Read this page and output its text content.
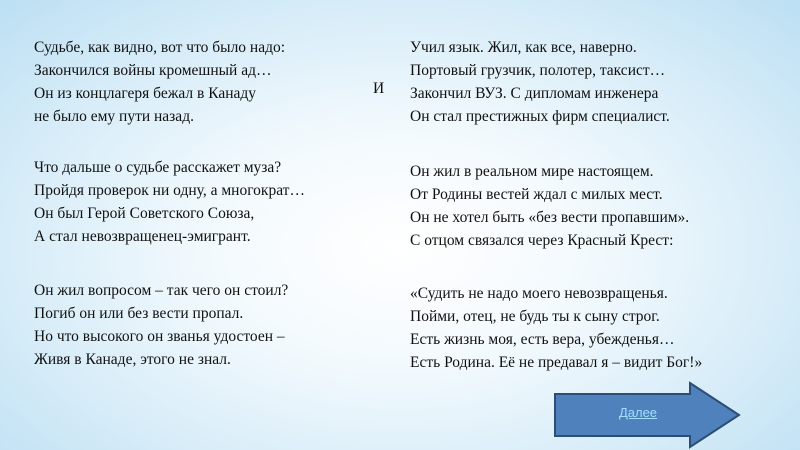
Судьбе, как видно, вот что было надо:
Закончился войны кромешный ад…
Он из концлагеря бежал в Канаду
не было ему пути назад.
Что дальше о судьбе расскажет муза?
Пройдя проверок ни одну, а многократ…
Он был Герой Советского Союза,
А стал невозвращенец-эмигрант.
Он жил вопросом – так чего он стоил?
Погиб он или без вести пропал.
Но что высокого он званья удостоен –
Живя в Канаде, этого не знал.
И
Учил язык. Жил, как все, наверно.
Портовый грузчик, полотер, таксист…
Закончил ВУЗ. С дипломам инженера
Он стал престижных фирм специалист.
Он жил в реальном мире настоящем.
От Родины вестей ждал с милых мест.
Он не хотел быть «без вести пропавшим».
С отцом связался через Красный Крест:
«Судить не надо моего невозвращенья.
Пойми, отец, не будь ты к сыну строг.
Есть жизнь моя, есть вера, убежденья…
Есть Родина. Её не предавал я – видит Бог!»
Далее
